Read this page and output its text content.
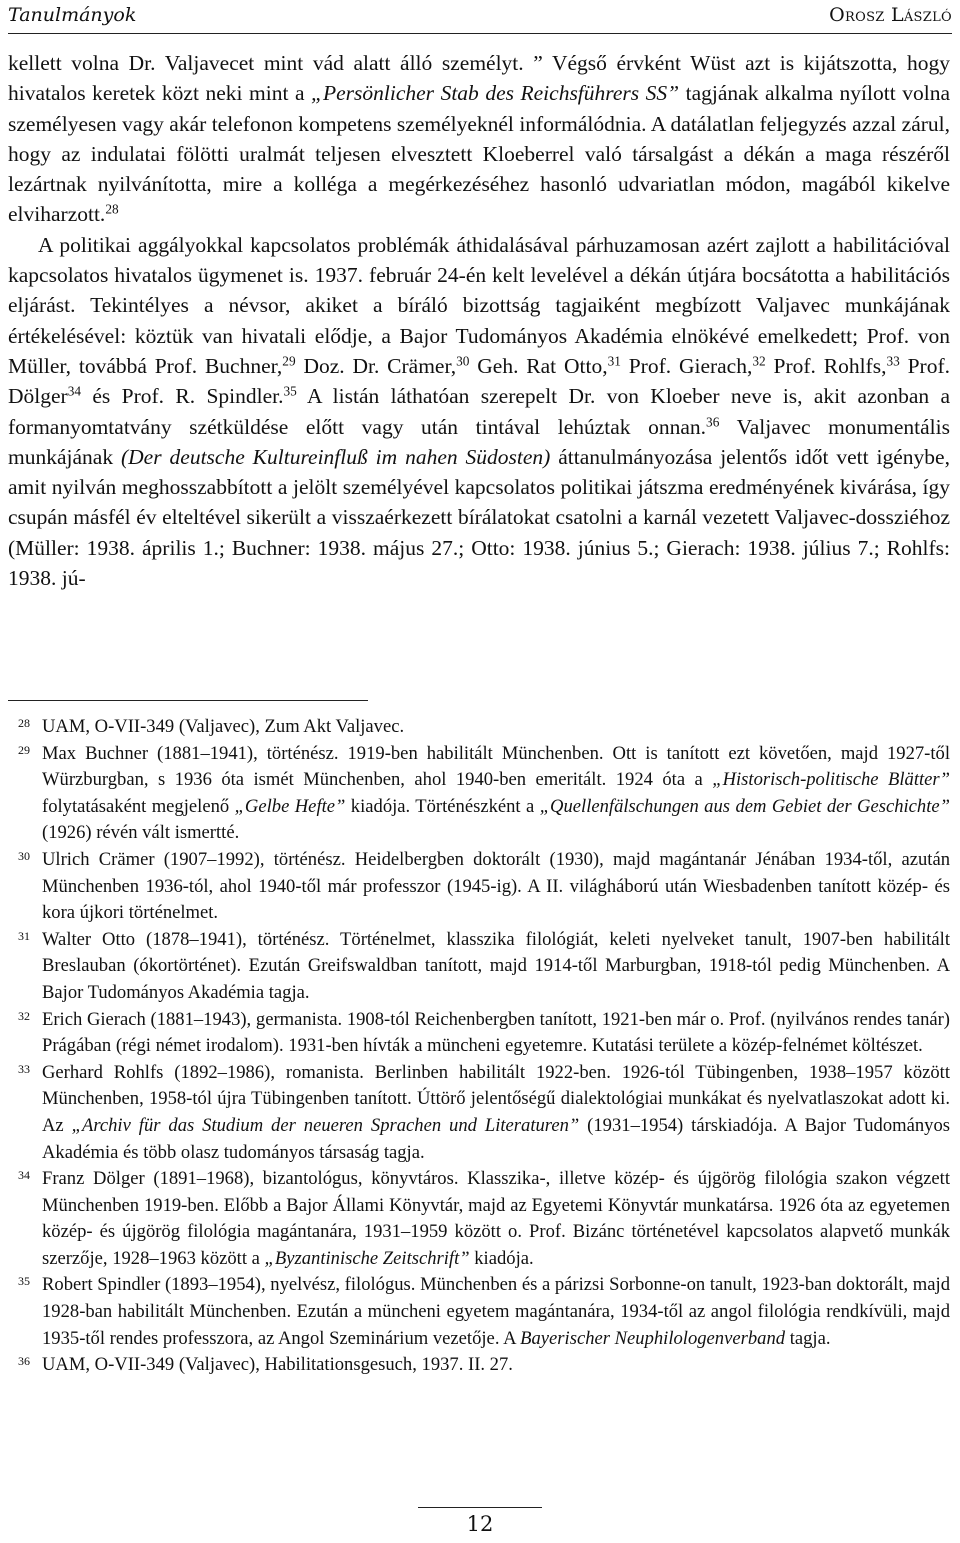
Tanulmányok	Orosz László

kellett volna Dr. Valjavecet mint vád alatt álló személyt. ” Végső érvként Wüst azt is kijátszotta, hogy hivatalos keretek közt neki mint a „Persönlicher Stab des Reichsführers SS” tagjának alkalma nyílott volna személyesen vagy akár telefonon kompetens személyeknél informálódnia. A datálatlan feljegyzés azzal zárul, hogy az indulatai fölötti uralmát teljesen elvesztett Kloeberrel való társalgást a dékán a maga részéről lezártnak nyilvánította, mire a kolléga a megérkezéséhez hasonló udvariatlan módon, magából kikelve elviharzott.$^{28}$

A politikai aggályokkal kapcsolatos problémák áthidalásával párhuzamosan azért zajlott a habilitációval kapcsolatos hivatalos ügymenet is. 1937. február 24-én kelt levelével a dékán útjára bocsátotta a habilitációs eljárást. Tekintélyes a névsor, akiket a bíráló bizottság tagjaiként megbízott Valjavec munkájának értékelésével: köztük van hivatali elődje, a Bajor Tudományos Akadémia elnökévé emelkedett; Prof. von Müller, továbbá Prof. Buchner,$^{29}$ Doz. Dr. Crämer,$^{30}$ Geh. Rat Otto,$^{31}$ Prof. Gierach,$^{32}$ Prof. Rohlfs,$^{33}$ Prof. Dölger$^{34}$ és Prof. R. Spindler.$^{35}$ A listán láthatóan szerepelt Dr. von Kloeber neve is, akit azonban a formanyomtatvány szétküldése előtt vagy után tintával lehúztak onnan.$^{36}$ Valjavec monumentális munkájának (Der deutsche Kultureinfluß im nahen Südosten) áttanulmányozása jelentős időt vett igénybe, amit nyilván meghosszabbított a jelölt személyével kapcsolatos politikai játszma eredményének kivárása, így csupán másfél év elteltével sikerült a visszaérkezett bírálatokat csatolni a karnál vezetett Valjavec-dossziéhoz (Müller: 1938. április 1.; Buchner: 1938. május 27.; Otto: 1938. június 5.; Gierach: 1938. július 7.; Rohlfs: 1938. jú-

28 UAM, O-VII-349 (Valjavec), Zum Akt Valjavec.
29 Max Buchner (1881–1941), történész. 1919-ben habilitált Münchenben. Ott is tanított ezt követően, majd 1927-től Würzburgban, s 1936 óta ismét Münchenben, ahol 1940-ben emeritált. 1924 óta a „Historisch-politische Blätter” folytatásaként megjelenő „Gelbe Hefte” kiadója. Történészként a „Quellenfälschungen aus dem Gebiet der Geschichte” (1926) révén vált ismertté.
30 Ulrich Crämer (1907–1992), történész. Heidelbergben doktorált (1930), majd magántanár Jénában 1934-től, azután Münchenben 1936-tól, ahol 1940-től már professzor (1945-ig). A II. világháború után Wiesbadenben tanított közép- és kora újkori történelmet.
31 Walter Otto (1878–1941), történész. Történelmet, klasszika filológiát, keleti nyelveket tanult, 1907-ben habilitált Breslauban (ókortörténet). Ezután Greifswaldban tanított, majd 1914-től Marburgban, 1918-tól pedig Münchenben. A Bajor Tudományos Akadémia tagja.
32 Erich Gierach (1881–1943), germanista. 1908-tól Reichenbergben tanított, 1921-ben már o. Prof. (nyilvános rendes tanár) Prágában (régi német irodalom). 1931-ben hívták a müncheni egyetemre. Kutatási területe a közép-felnémet költészet.
33 Gerhard Rohlfs (1892–1986), romanista. Berlinben habilitált 1922-ben. 1926-tól Tübingenben, 1938–1957 között Münchenben, 1958-tól újra Tübingenben tanított. Úttörő jelentőségű dialektológiai munkákat és nyelvatlaszokat adott ki. Az „Archiv für das Studium der neueren Sprachen und Literaturen” (1931–1954) társkiadója. A Bajor Tudományos Akadémia és több olasz tudományos társaság tagja.
34 Franz Dölger (1891–1968), bizantológus, könyvtáros. Klasszika-, illetve közép- és újgörög filológia szakon végzett Münchenben 1919-ben. Előbb a Bajor Állami Könyvtár, majd az Egyetemi Könyvtár munkatársa. 1926 óta az egyetemen közép- és újgörög filológia magántanára, 1931–1959 között o. Prof. Bizánc történetével kapcsolatos alapvető munkák szerzője, 1928–1963 között a „Byzantinische Zeitschrift” kiadója.
35 Robert Spindler (1893–1954), nyelvész, filológus. Münchenben és a párizsi Sorbonne-on tanult, 1923-ban doktorált, majd 1928-ban habilitált Münchenben. Ezután a müncheni egyetem magántanára, 1934-től az angol filológia rendkívüli, majd 1935-től rendes professzora, az Angol Szeminárium vezetője. A Bayerischer Neuphilologenverband tagja.
36 UAM, O-VII-349 (Valjavec), Habilitationsgesuch, 1937. II. 27.
12
